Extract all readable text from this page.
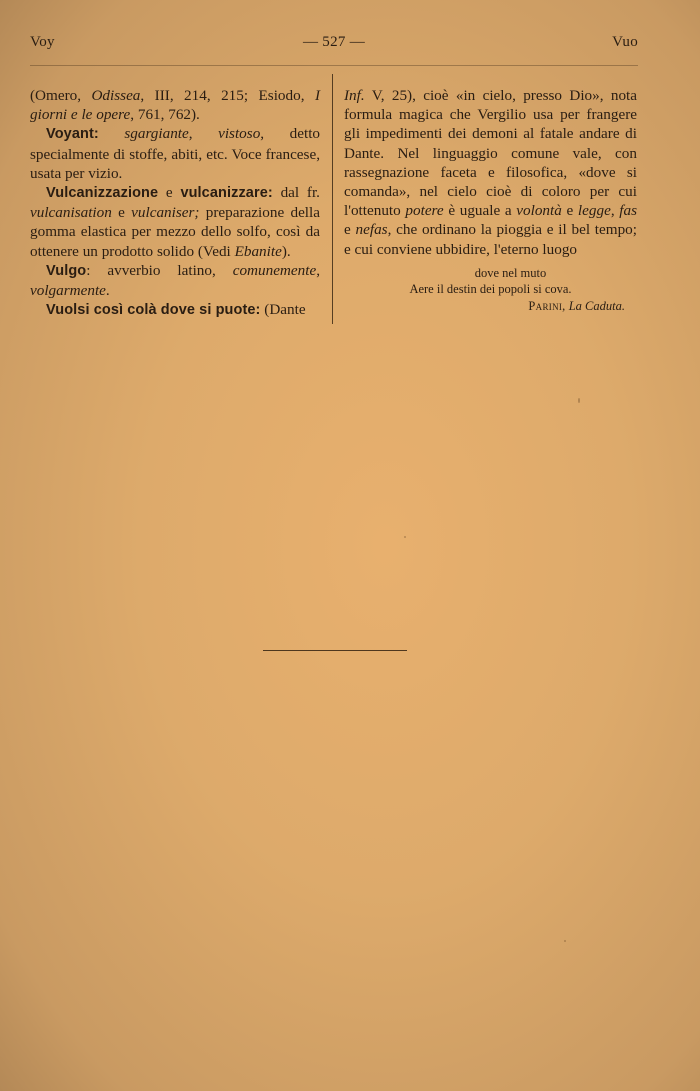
Voy	— 527 —	Vuo

(Omero, Odissea, III, 214, 215; Esiodo, I giorni e le opere, 761, 762).

Voyant: sgargiante, vistoso, detto specialmente di stoffe, abiti, etc. Voce francese, usata per vizio.

Vulcanizzazione e vulcanizzare: dal fr. vulcanisation e vulcaniser; preparazione della gomma elastica per mezzo dello solfo, così da ottenere un prodotto solido (Vedi Ebanite).

Vulgo: avverbio latino, comunemente, volgarmente.

Vuolsi così colà dove si puote: (Dante

Inf. V, 25), cioè «in cielo, presso Dio», nota formula magica che Vergilio usa per frangere gli impedimenti dei demoni al fatale andare di Dante. Nel linguaggio comune vale, con rassegnazione faceta e filosofica, «dove si comanda», nel cielo cioè di coloro per cui l'ottenuto potere è uguale a volontà e legge, fas e nefas, che ordinano la pioggia e il bel tempo; e cui conviene ubbidire, l'eterno luogo

dove nel muto
Aere il destin dei popoli si cova.
Parini, La Caduta.
